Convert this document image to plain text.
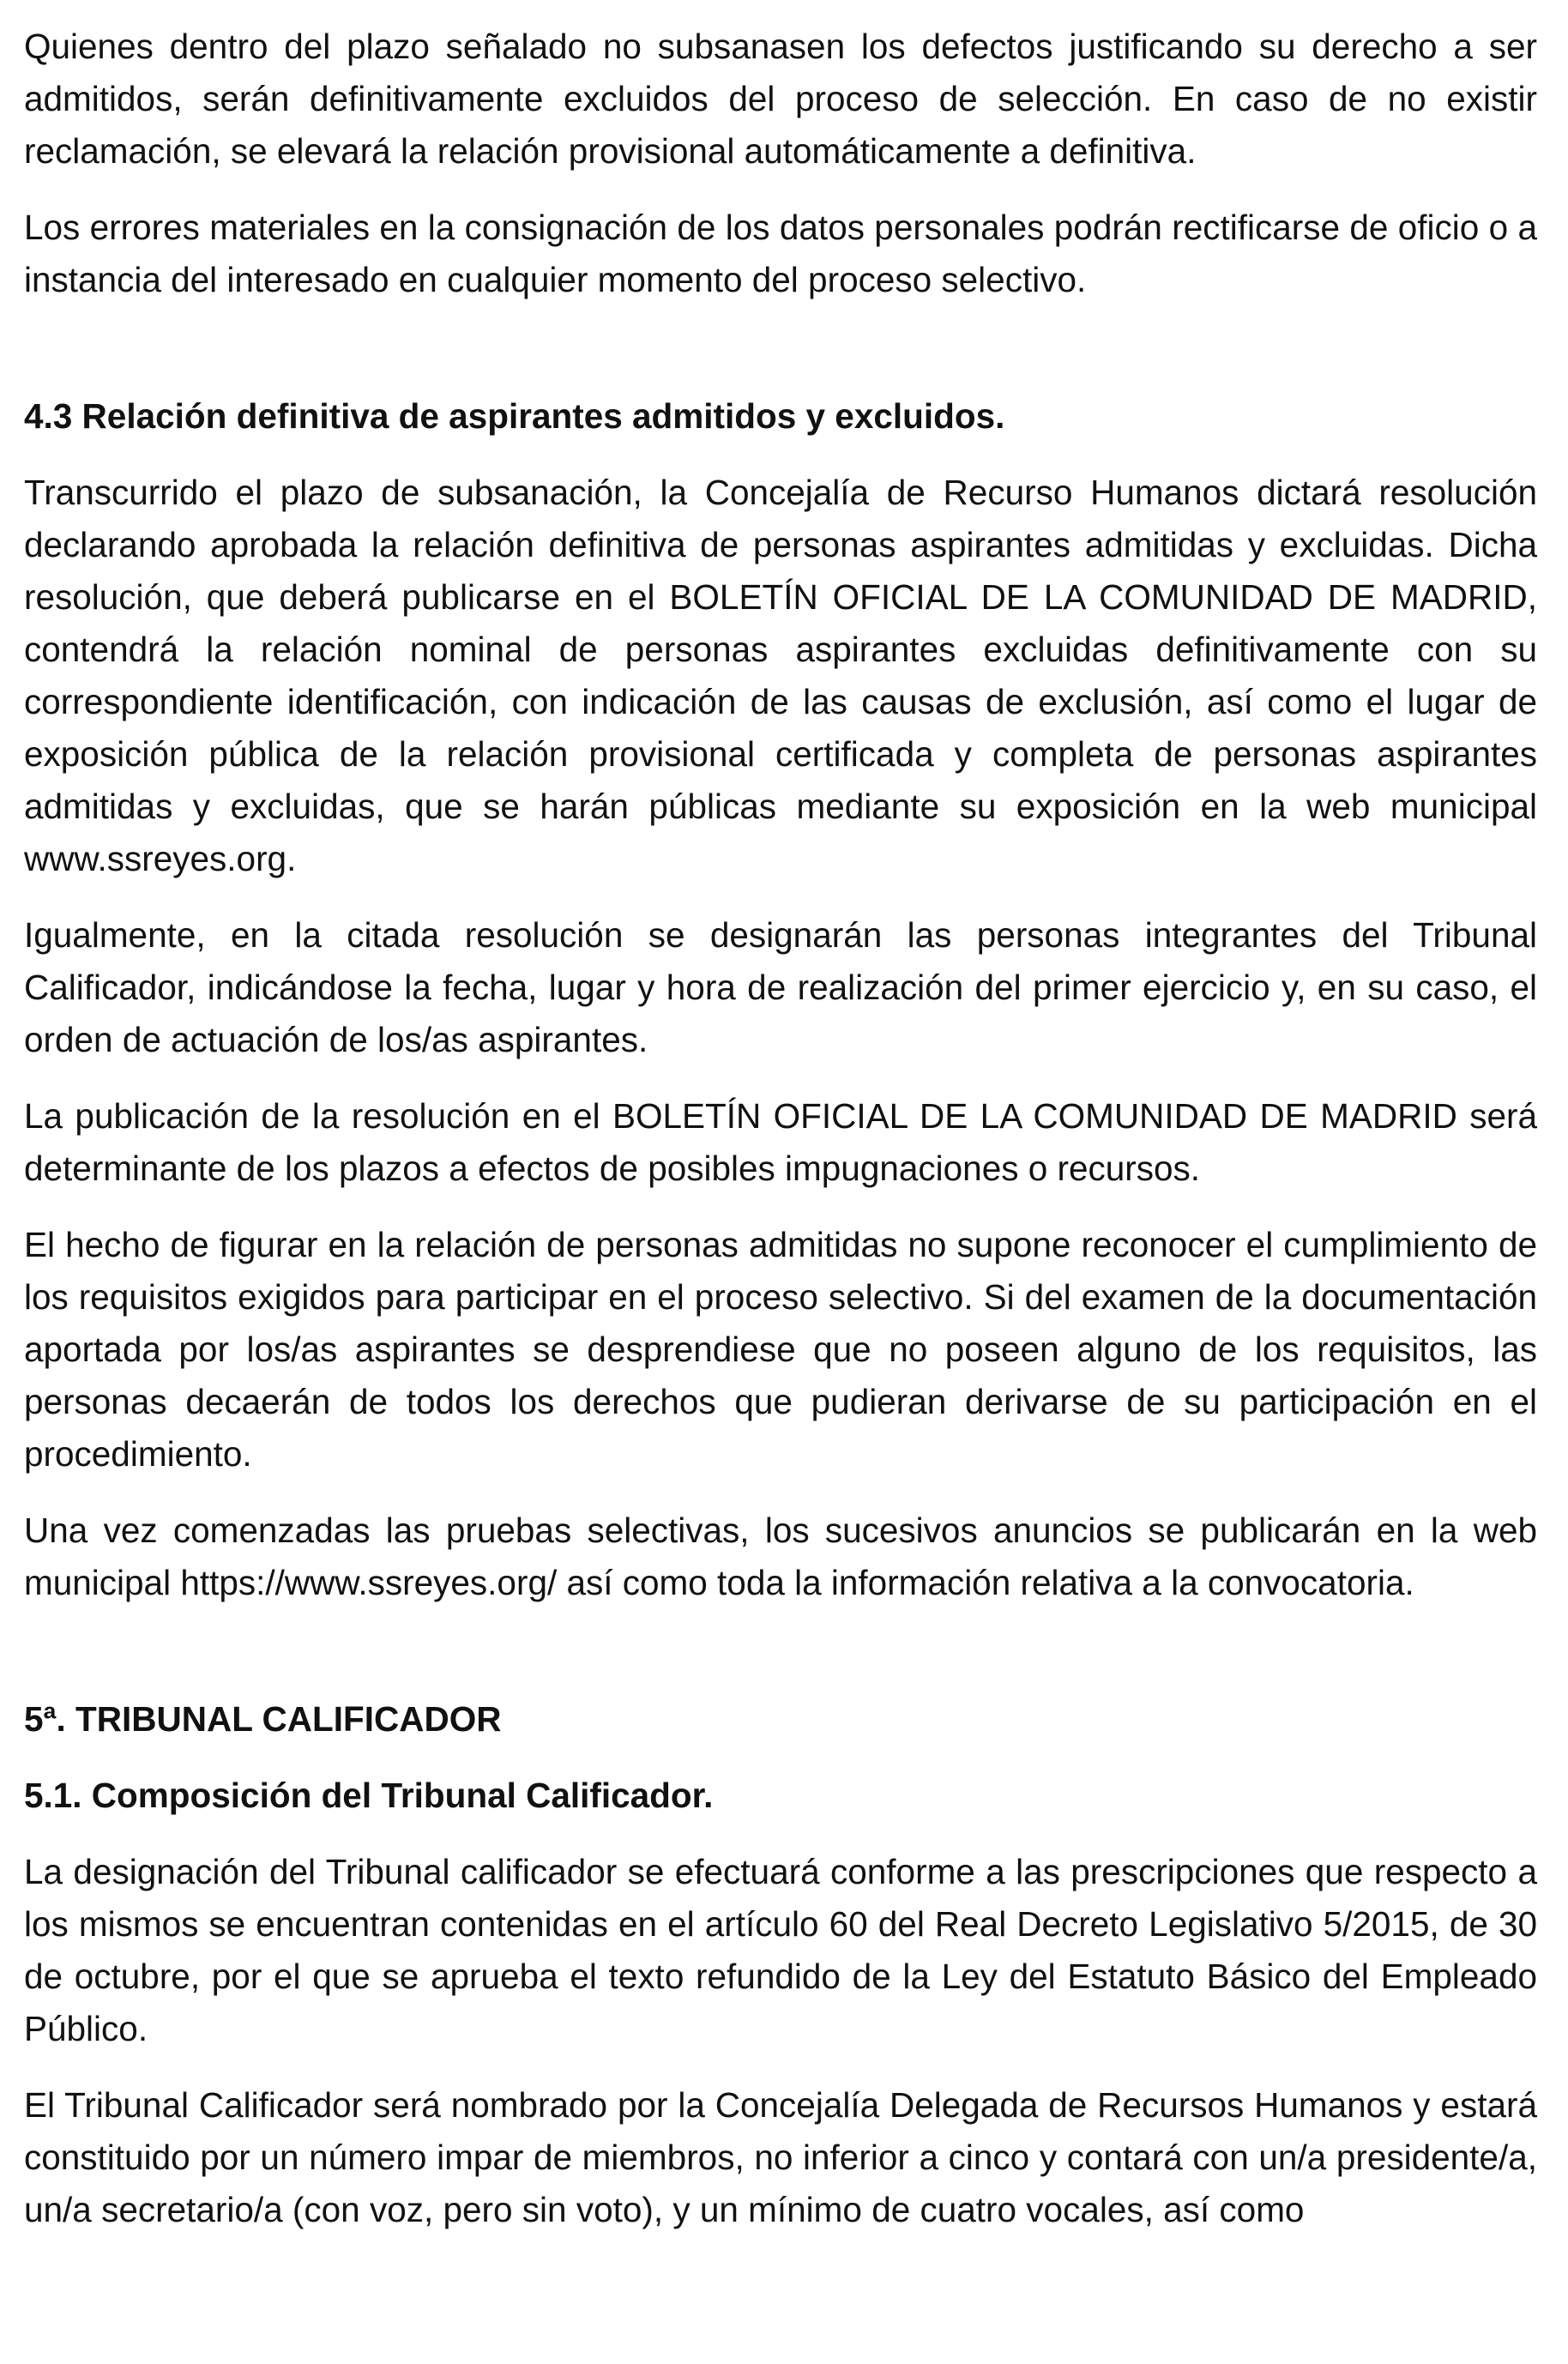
Quienes dentro del plazo señalado no subsanasen los defectos justificando su derecho a ser admitidos, serán definitivamente excluidos del proceso de selección. En caso de no existir reclamación, se elevará la relación provisional automáticamente a definitiva.

Los errores materiales en la consignación de los datos personales podrán rectificarse de oficio o a instancia del interesado en cualquier momento del proceso selectivo.

4.3 Relación definitiva de aspirantes admitidos y excluidos.

Transcurrido el plazo de subsanación, la Concejalía de Recurso Humanos dictará resolución declarando aprobada la relación definitiva de personas aspirantes admitidas y excluidas. Dicha resolución, que deberá publicarse en el BOLETÍN OFICIAL DE LA COMUNIDAD DE MADRID, contendrá la relación nominal de personas aspirantes excluidas definitivamente con su correspondiente identificación, con indicación de las causas de exclusión, así como el lugar de exposición pública de la relación provisional certificada y completa de personas aspirantes admitidas y excluidas, que se harán públicas mediante su exposición en la web municipal www.ssreyes.org.

Igualmente, en la citada resolución se designarán las personas integrantes del Tribunal Calificador, indicándose la fecha, lugar y hora de realización del primer ejercicio y, en su caso, el orden de actuación de los/as aspirantes.

La publicación de la resolución en el BOLETÍN OFICIAL DE LA COMUNIDAD DE MADRID será determinante de los plazos a efectos de posibles impugnaciones o recursos.

El hecho de figurar en la relación de personas admitidas no supone reconocer el cumplimiento de los requisitos exigidos para participar en el proceso selectivo. Si del examen de la documentación aportada por los/as aspirantes se desprendiese que no poseen alguno de los requisitos, las personas decaerán de todos los derechos que pudieran derivarse de su participación en el procedimiento.

Una vez comenzadas las pruebas selectivas, los sucesivos anuncios se publicarán en la web municipal https://www.ssreyes.org/ así como toda la información relativa a la convocatoria.

5ª. TRIBUNAL CALIFICADOR

5.1. Composición del Tribunal Calificador.

La designación del Tribunal calificador se efectuará conforme a las prescripciones que respecto a los mismos se encuentran contenidas en el artículo 60 del Real Decreto Legislativo 5/2015, de 30 de octubre, por el que se aprueba el texto refundido de la Ley del Estatuto Básico del Empleado Público.

El Tribunal Calificador será nombrado por la Concejalía Delegada de Recursos Humanos y estará constituido por un número impar de miembros, no inferior a cinco y contará con un/a presidente/a, un/a secretario/a (con voz, pero sin voto), y un mínimo de cuatro vocales, así como
